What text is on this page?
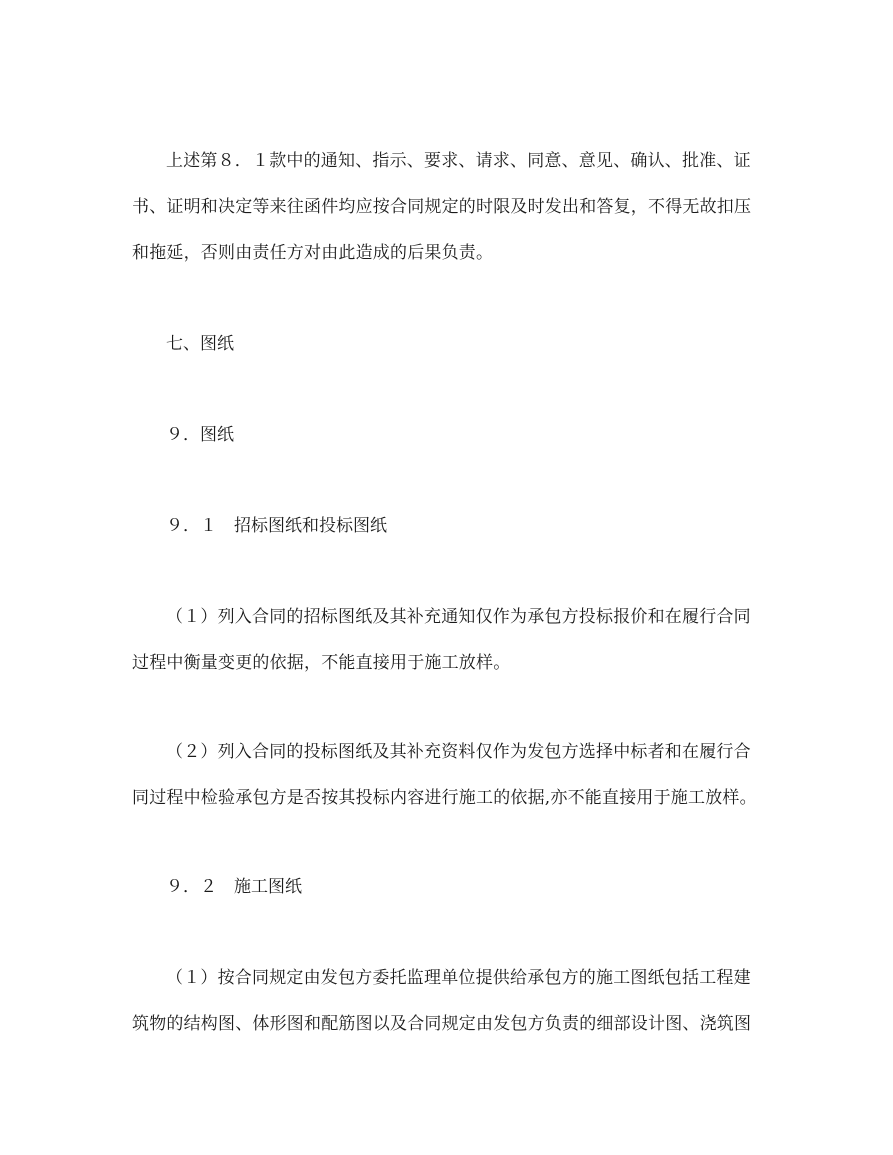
上述第８．１款中的通知、指示、要求、请求、同意、意见、确认、批准、证
书、证明和决定等来往函件均应按合同规定的时限及时发出和答复，不得无故扣压
和拖延，否则由责任方对由此造成的后果负责。

七、图纸

９．图纸

９．１　招标图纸和投标图纸

（１）列入合同的招标图纸及其补充通知仅作为承包方投标报价和在履行合同
过程中衡量变更的依据，不能直接用于施工放样。
（２）列入合同的投标图纸及其补充资料仅作为发包方选择中标者和在履行合
同过程中检验承包方是否按其投标内容进行施工的依据,亦不能直接用于施工放样。

９．２　施工图纸

（１）按合同规定由发包方委托监理单位提供给承包方的施工图纸包括工程建
筑物的结构图、体形图和配筋图以及合同规定由发包方负责的细部设计图、浇筑图
